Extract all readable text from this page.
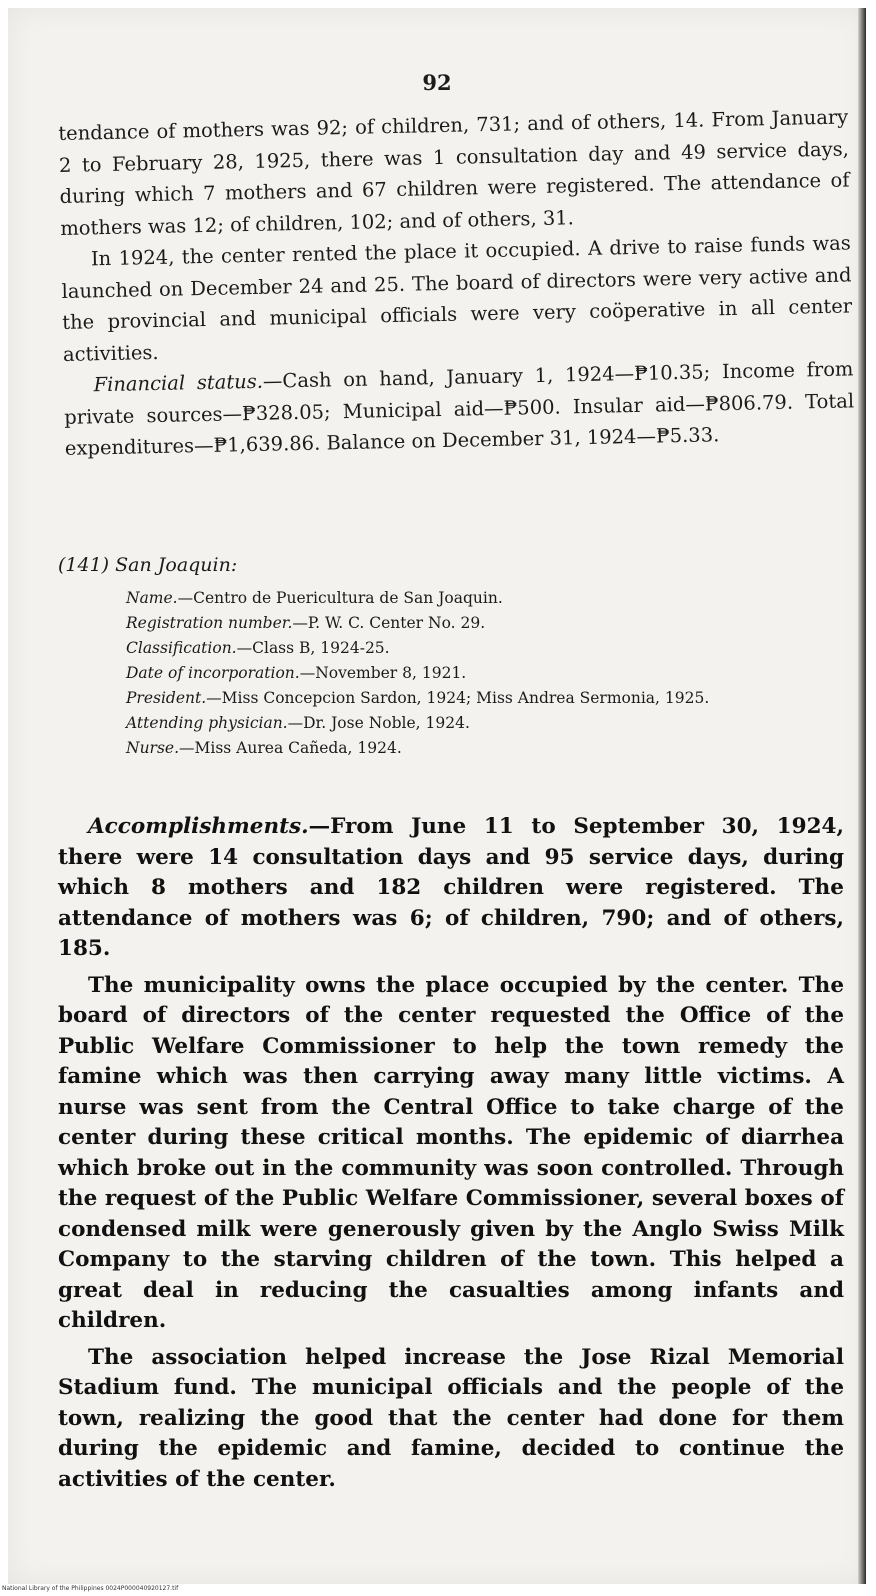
92

tendance of mothers was 92; of children, 731; and of others, 14. From January 2 to February 28, 1925, there was 1 consultation day and 49 service days, during which 7 mothers and 67 children were registered. The attendance of mothers was 12; of children, 102; and of others, 31.

In 1924, the center rented the place it occupied. A drive to raise funds was launched on December 24 and 25. The board of directors were very active and the provincial and municipal officials were very coöperative in all center activities.

Financial status.—Cash on hand, January 1, 1924—₱10.35; Income from private sources—₱328.05; Municipal aid—₱500. Insular aid—₱806.79. Total expenditures—₱1,639.86. Balance on December 31, 1924—₱5.33.

(141) San Joaquin:

Name.—Centro de Puericultura de San Joaquin.

Registration number.—P. W. C. Center No. 29.

Classification.—Class B, 1924-25.

Date of incorporation.—November 8, 1921.

President.—Miss Concepcion Sardon, 1924; Miss Andrea Sermonia, 1925.

Attending physician.—Dr. Jose Noble, 1924.

Nurse.—Miss Aurea Cañeda, 1924.

Accomplishments.—From June 11 to September 30, 1924, there were 14 consultation days and 95 service days, during which 8 mothers and 182 children were registered. The attendance of mothers was 6; of children, 790; and of others, 185.

The municipality owns the place occupied by the center. The board of directors of the center requested the Office of the Public Welfare Commissioner to help the town remedy the famine which was then carrying away many little victims. A nurse was sent from the Central Office to take charge of the center during these critical months. The epidemic of diarrhea which broke out in the community was soon controlled. Through the request of the Public Welfare Commissioner, several boxes of condensed milk were generously given by the Anglo Swiss Milk Company to the starving children of the town. This helped a great deal in reducing the casualties among infants and children.

The association helped increase the Jose Rizal Memorial Stadium fund. The municipal officials and the people of the town, realizing the good that the center had done for them during the epidemic and famine, decided to continue the activities of the center.

National Library of the Philippines 0024P000040920127.tif
